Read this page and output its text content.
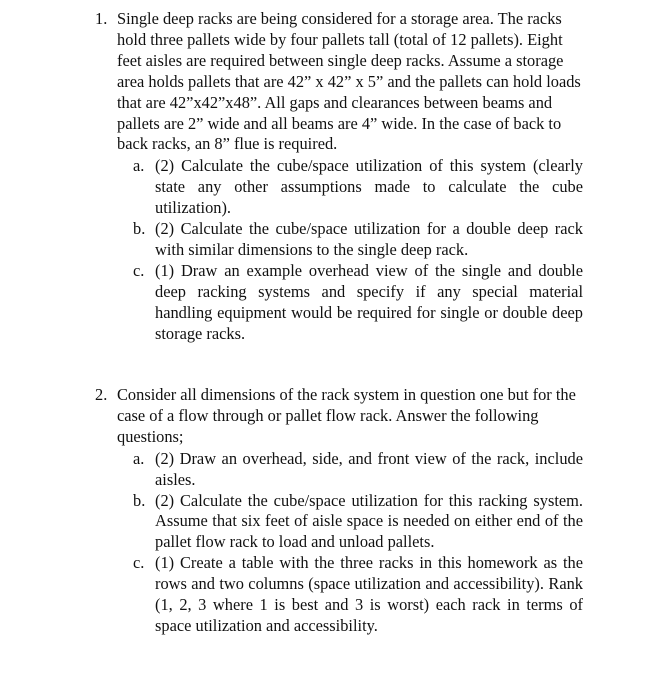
1. Single deep racks are being considered for a storage area. The racks hold three pallets wide by four pallets tall (total of 12 pallets). Eight feet aisles are required between single deep racks. Assume a storage area holds pallets that are 42” x 42” x 5” and the pallets can hold loads that are 42”x42”x48”. All gaps and clearances between beams and pallets are 2” wide and all beams are 4” wide. In the case of back to back racks, an 8” flue is required.
a. (2) Calculate the cube/space utilization of this system (clearly state any other assumptions made to calculate the cube utilization).
b. (2) Calculate the cube/space utilization for a double deep rack with similar dimensions to the single deep rack.
c. (1) Draw an example overhead view of the single and double deep racking systems and specify if any special material handling equipment would be required for single or double deep storage racks.
2. Consider all dimensions of the rack system in question one but for the case of a flow through or pallet flow rack. Answer the following questions;
a. (2) Draw an overhead, side, and front view of the rack, include aisles.
b. (2) Calculate the cube/space utilization for this racking system. Assume that six feet of aisle space is needed on either end of the pallet flow rack to load and unload pallets.
c. (1) Create a table with the three racks in this homework as the rows and two columns (space utilization and accessibility). Rank (1, 2, 3 where 1 is best and 3 is worst) each rack in terms of space utilization and accessibility.
